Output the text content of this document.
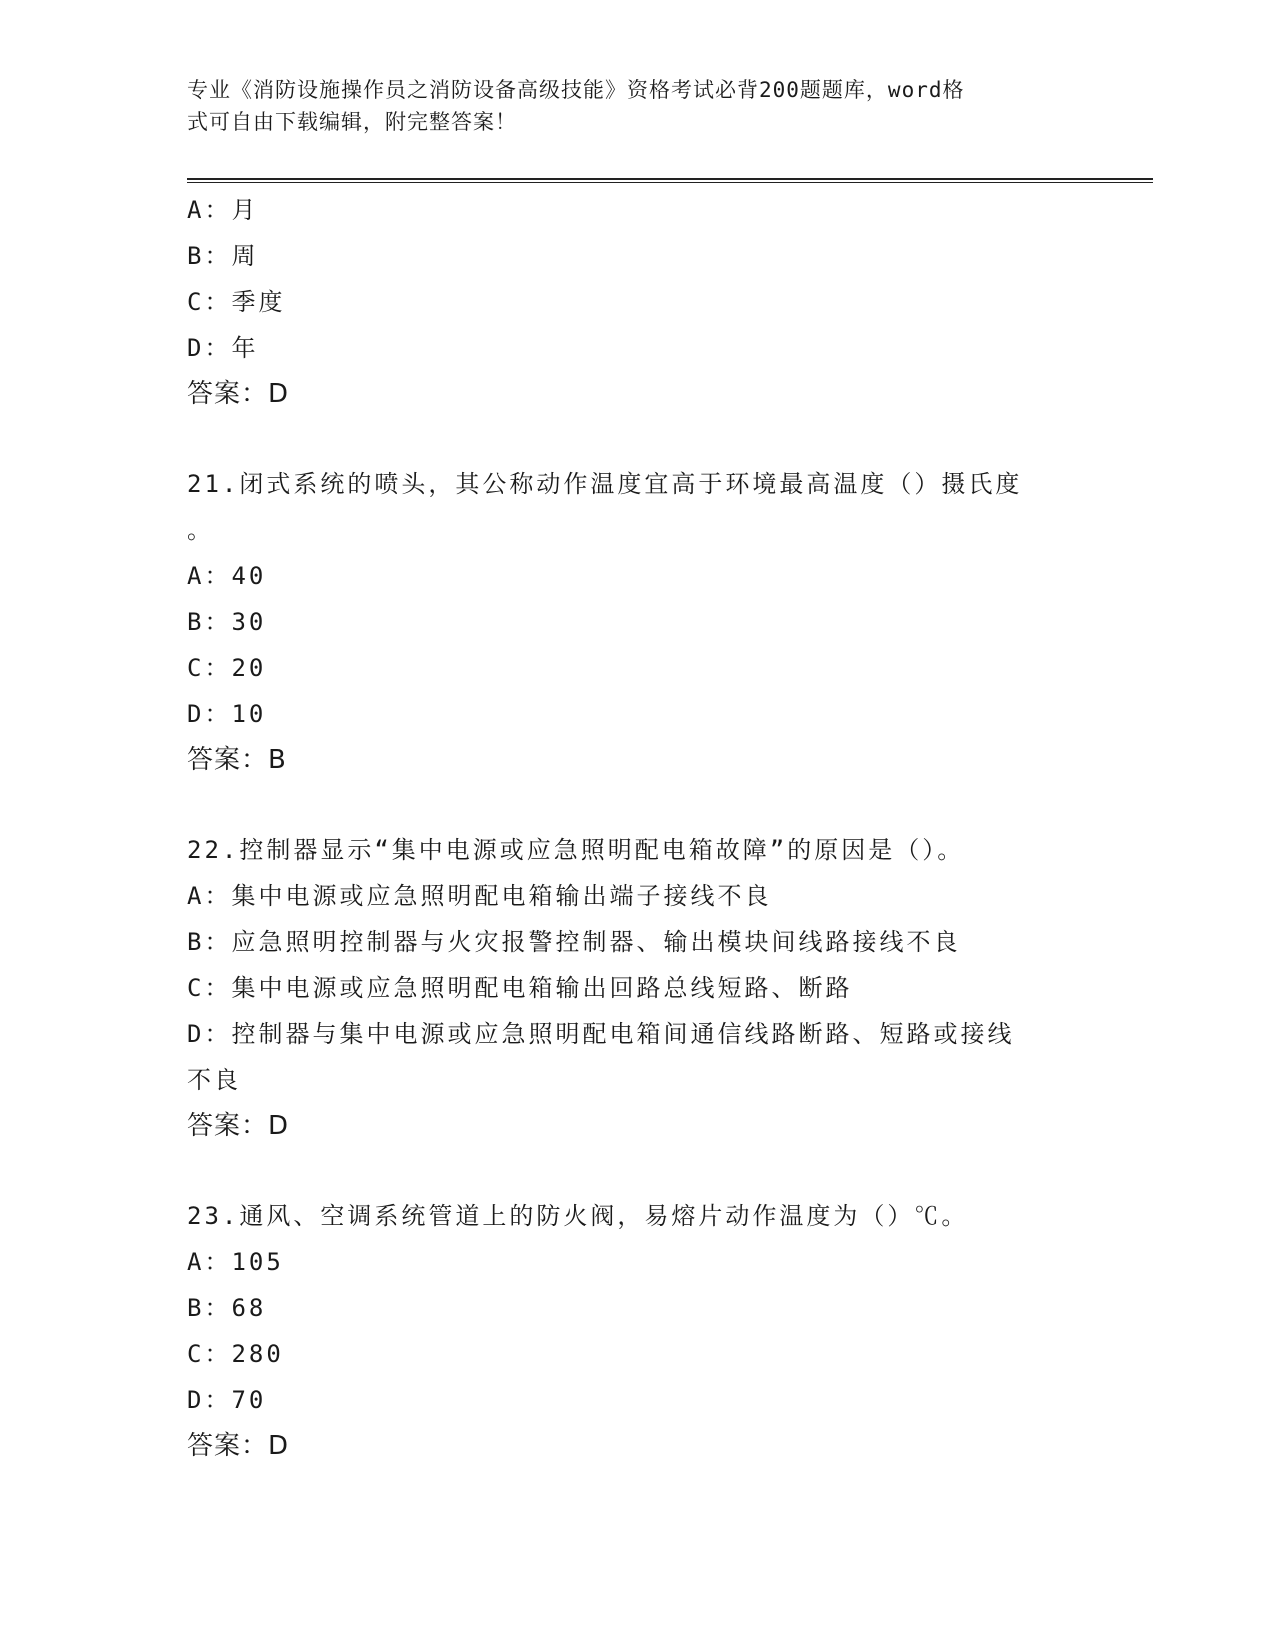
专业《消防设施操作员之消防设备高级技能》资格考试必背200题题库，word格
式可自由下载编辑，附完整答案！
A：月
B：周
C：季度
D：年
答案：D
21.闭式系统的喷头，其公称动作温度宜高于环境最高温度（）摄氏度
。
A：40
B：30
C：20
D：10
答案：B
22.控制器显示“集中电源或应急照明配电箱故障”的原因是（）。
A：集中电源或应急照明配电箱输出端子接线不良
B：应急照明控制器与火灾报警控制器、输出模块间线路接线不良
C：集中电源或应急照明配电箱输出回路总线短路、断路
D：控制器与集中电源或应急照明配电箱间通信线路断路、短路或接线
不良
答案：D
23.通风、空调系统管道上的防火阀，易熔片动作温度为（）℃。
A：105
B：68
C：280
D：70
答案：D
